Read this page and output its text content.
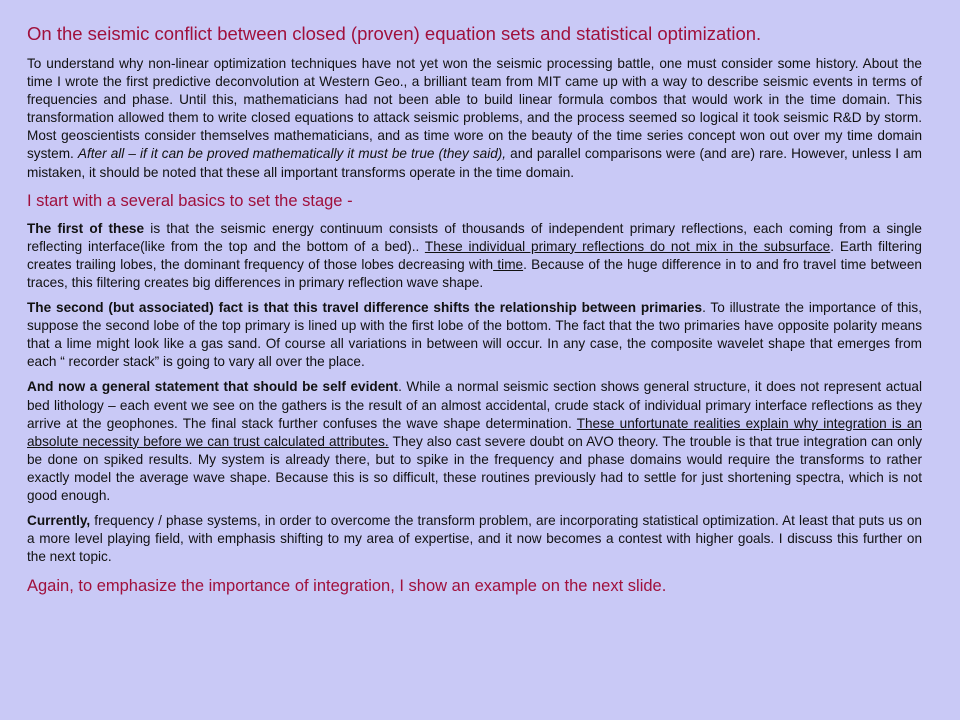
On the seismic conflict between closed (proven) equation sets and statistical optimization.

To understand why non-linear optimization techniques have not yet won the seismic processing battle, one must consider some history. About the time I wrote the first predictive deconvolution at Western Geo., a brilliant team from MIT came up with a way to describe seismic events in terms of frequencies and phase. Until this, mathematicians had not been able to build linear formula combos that would work in the time domain. This transformation allowed them to write closed equations to attack seismic problems, and the process seemed so logical it took seismic R&D by storm. Most geoscientists consider themselves mathematicians, and as time wore on the beauty of the time series concept won out over my time domain system. After all – if it can be proved mathematically it must be true (they said), and parallel comparisons were (and are) rare. However, unless I am mistaken, it should be noted that these all important transforms operate in the time domain.

I start with a several basics to set the stage -

The first of these is that the seismic energy continuum consists of thousands of independent primary reflections, each coming from a single reflecting interface(like from the top and the bottom of a bed).. These individual primary reflections do not mix in the subsurface. Earth filtering creates trailing lobes, the dominant frequency of those lobes decreasing with time. Because of the huge difference in to and fro travel time between traces, this filtering creates big differences in primary reflection wave shape.

The second (but associated) fact is that this travel difference shifts the relationship between primaries. To illustrate the importance of this, suppose the second lobe of the top primary is lined up with the first lobe of the bottom. The fact that the two primaries have opposite polarity means that a lime might look like a gas sand. Of course all variations in between will occur. In any case, the composite wavelet shape that emerges from each “ recorder stack” is going to vary all over the place.

And now a general statement that should be self evident. While a normal seismic section shows general structure, it does not represent actual bed lithology – each event we see on the gathers is the result of an almost accidental, crude stack of individual primary interface reflections as they arrive at the geophones. The final stack further confuses the wave shape determination. These unfortunate realities explain why integration is an absolute necessity before we can trust calculated attributes. They also cast severe doubt on AVO theory. The trouble is that true integration can only be done on spiked results. My system is already there, but to spike in the frequency and phase domains would require the transforms to rather exactly model the average wave shape. Because this is so difficult, these routines previously had to settle for just shortening spectra, which is not good enough.

Currently, frequency / phase systems, in order to overcome the transform problem, are incorporating statistical optimization. At least that puts us on a more level playing field, with emphasis shifting to my area of expertise, and it now becomes a contest with higher goals. I discuss this further on the next topic.

Again, to emphasize the importance of integration, I show an example on the next slide.
